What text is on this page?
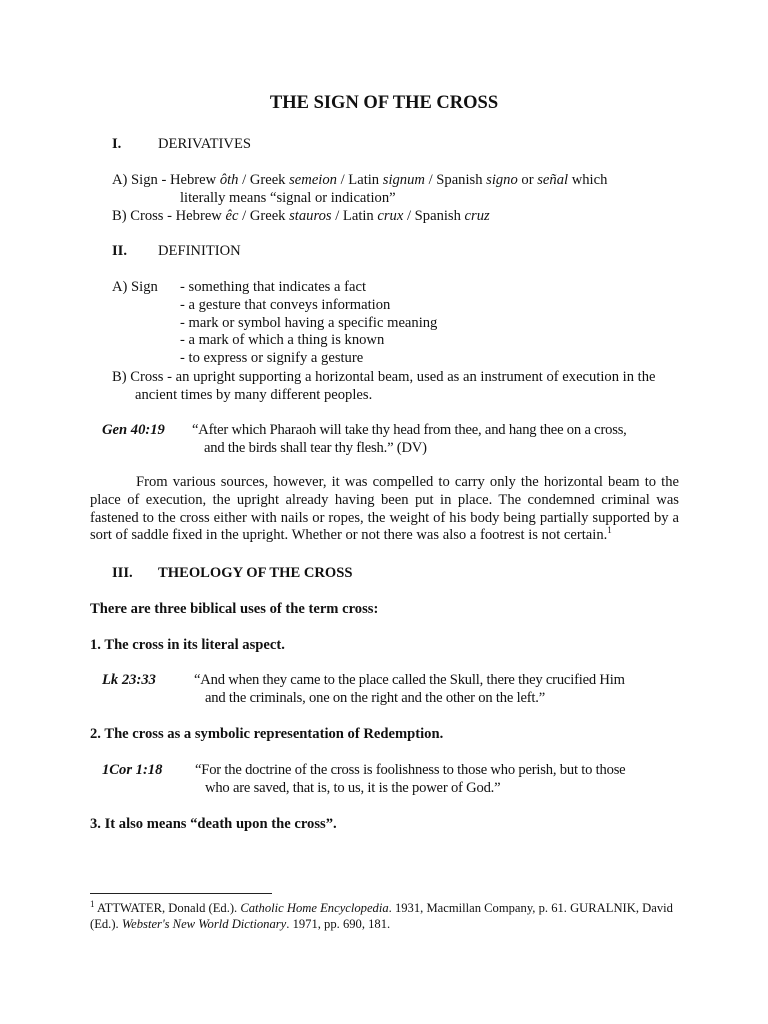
THE SIGN OF THE CROSS
I.	DERIVATIVES
A) Sign - Hebrew ôth / Greek semeion / Latin signum / Spanish signo or señal which
literally means “signal or indication”
B) Cross - Hebrew êc / Greek stauros / Latin crux / Spanish cruz
II. DEFINITION
A) Sign - something that indicates a fact
- a gesture that conveys information
- mark or symbol having a specific meaning
- a mark of which a thing is known
- to express or signify a gesture
B) Cross - an upright supporting a horizontal beam, used as an instrument of execution in the
ancient times by many different peoples.
Gen 40:19 “After which Pharaoh will take thy head from thee, and hang thee on a cross,
and the birds shall tear thy flesh.” (DV)

From various sources, however, it was compelled to carry only the horizontal beam to the place of execution, the upright already having been put in place. The condemned criminal was fastened to the cross either with nails or ropes, the weight of his body being partially supported by a sort of saddle fixed in the upright. Whether or not there was also a footrest is not certain.$^1$

III. THEOLOGY OF THE CROSS
There are three biblical uses of the term cross:
1. The cross in its literal aspect.
Lk 23:33	“And when they came to the place called the Skull, there they crucified Him
and the criminals, one on the right and the other on the left.”
2. The cross as a symbolic representation of Redemption.
1Cor 1:18 “For the doctrine of the cross is foolishness to those who perish, but to those
who are saved, that is, to us, it is the power of God.”
3. It also means “death upon the cross”.
$^1$ ATTWATER, Donald (Ed.). Catholic Home Encyclopedia. 1931, Macmillan Company, p. 61. GURALNIK, David
(Ed.). Webster's New World Dictionary. 1971, pp. 690, 181.
